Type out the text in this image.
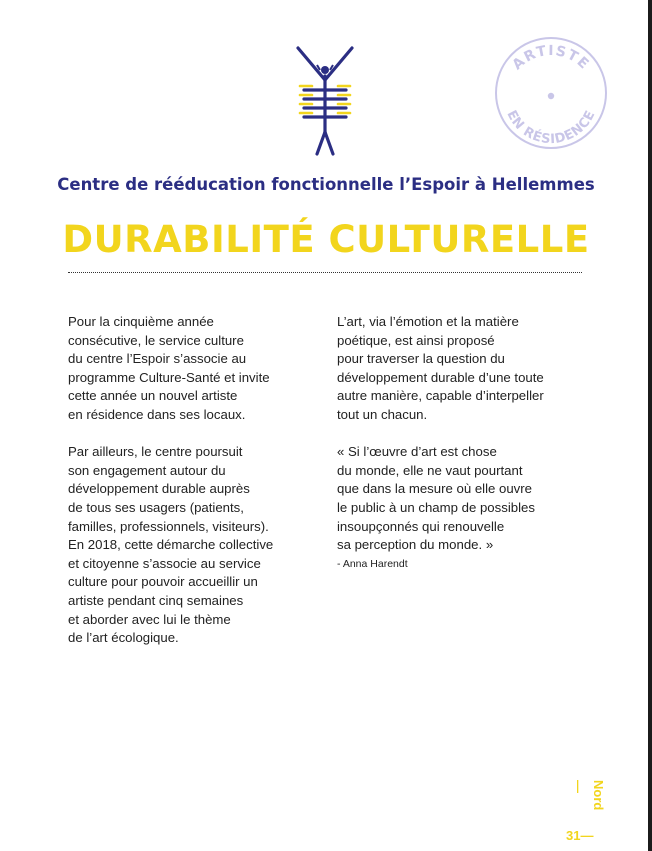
ARTISTE
EN RÉSIDENCE
Centre de rééducation fonctionnelle l’Espoir à Hellemmes
DURABILITÉ CULTURELLE
Pour la cinquième année
consécutive, le service culture
du centre l’Espoir s’associe au
programme Culture-Santé et invite
cette année un nouvel artiste
en résidence dans ses locaux.
Par ailleurs, le centre poursuit
son engagement autour du
développement durable auprès
de tous ses usagers (patients,
familles, professionnels, visiteurs).
En 2018, cette démarche collective
et citoyenne s’associe au service
culture pour pouvoir accueillir un
artiste pendant cinq semaines
et aborder avec lui le thème
de l’art écologique.
L’art, via l’émotion et la matière
poétique, est ainsi proposé
pour traverser la question du
développement durable d’une toute
autre manière, capable d’interpeller
tout un chacun.
« Si l’œuvre d’art est chose
du monde, elle ne vaut pourtant
que dans la mesure où elle ouvre
le public à un champ de possibles
insoupçonnés qui renouvelle
sa perception du monde. »
- Anna Harendt
Nord—
31—
